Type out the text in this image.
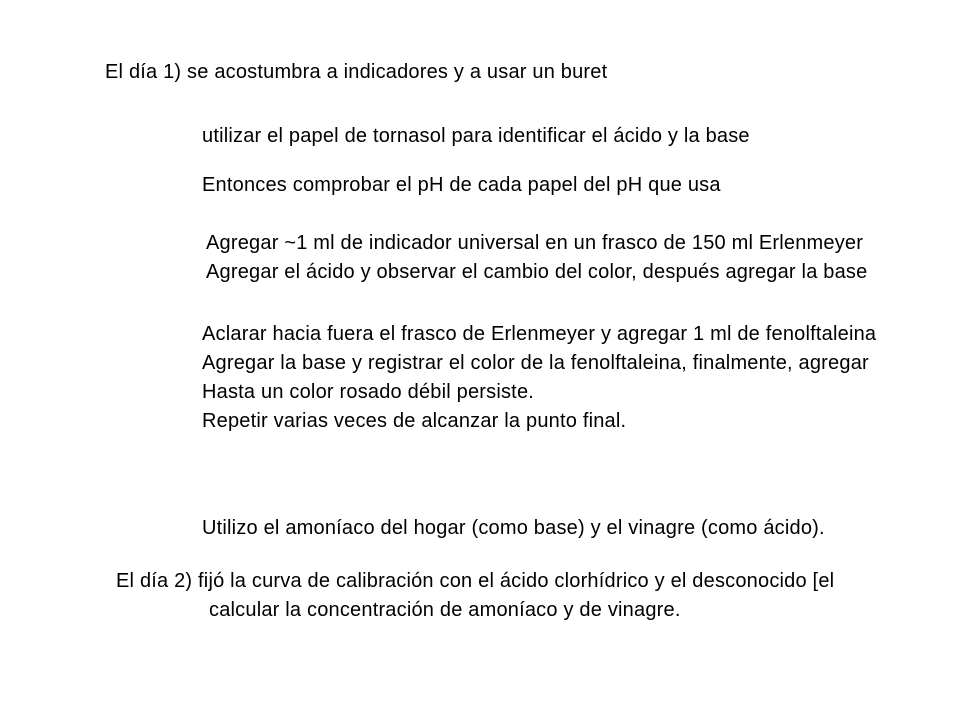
El día 1) se acostumbra a indicadores y a usar un buret
utilizar el papel de tornasol para identificar el ácido y la base
Entonces comprobar el pH de cada papel del pH que usa
Agregar ~1 ml de indicador universal en un frasco de 150 ml Erlenmeyer
Agregar el ácido y observar el cambio del color, después agregar la base
Aclarar hacia fuera el frasco de Erlenmeyer y agregar 1 ml de fenolftaleina
Agregar la base y registrar el color de la fenolftaleina, finalmente, agregar
Hasta un color rosado débil persiste.
Repetir varias veces de alcanzar la punto final.
Utilizo el amoníaco del hogar (como base) y el vinagre (como ácido).
El día 2) fijó la curva de calibración con el ácido clorhídrico y el desconocido [el
calcular la concentración de amoníaco y de vinagre.
